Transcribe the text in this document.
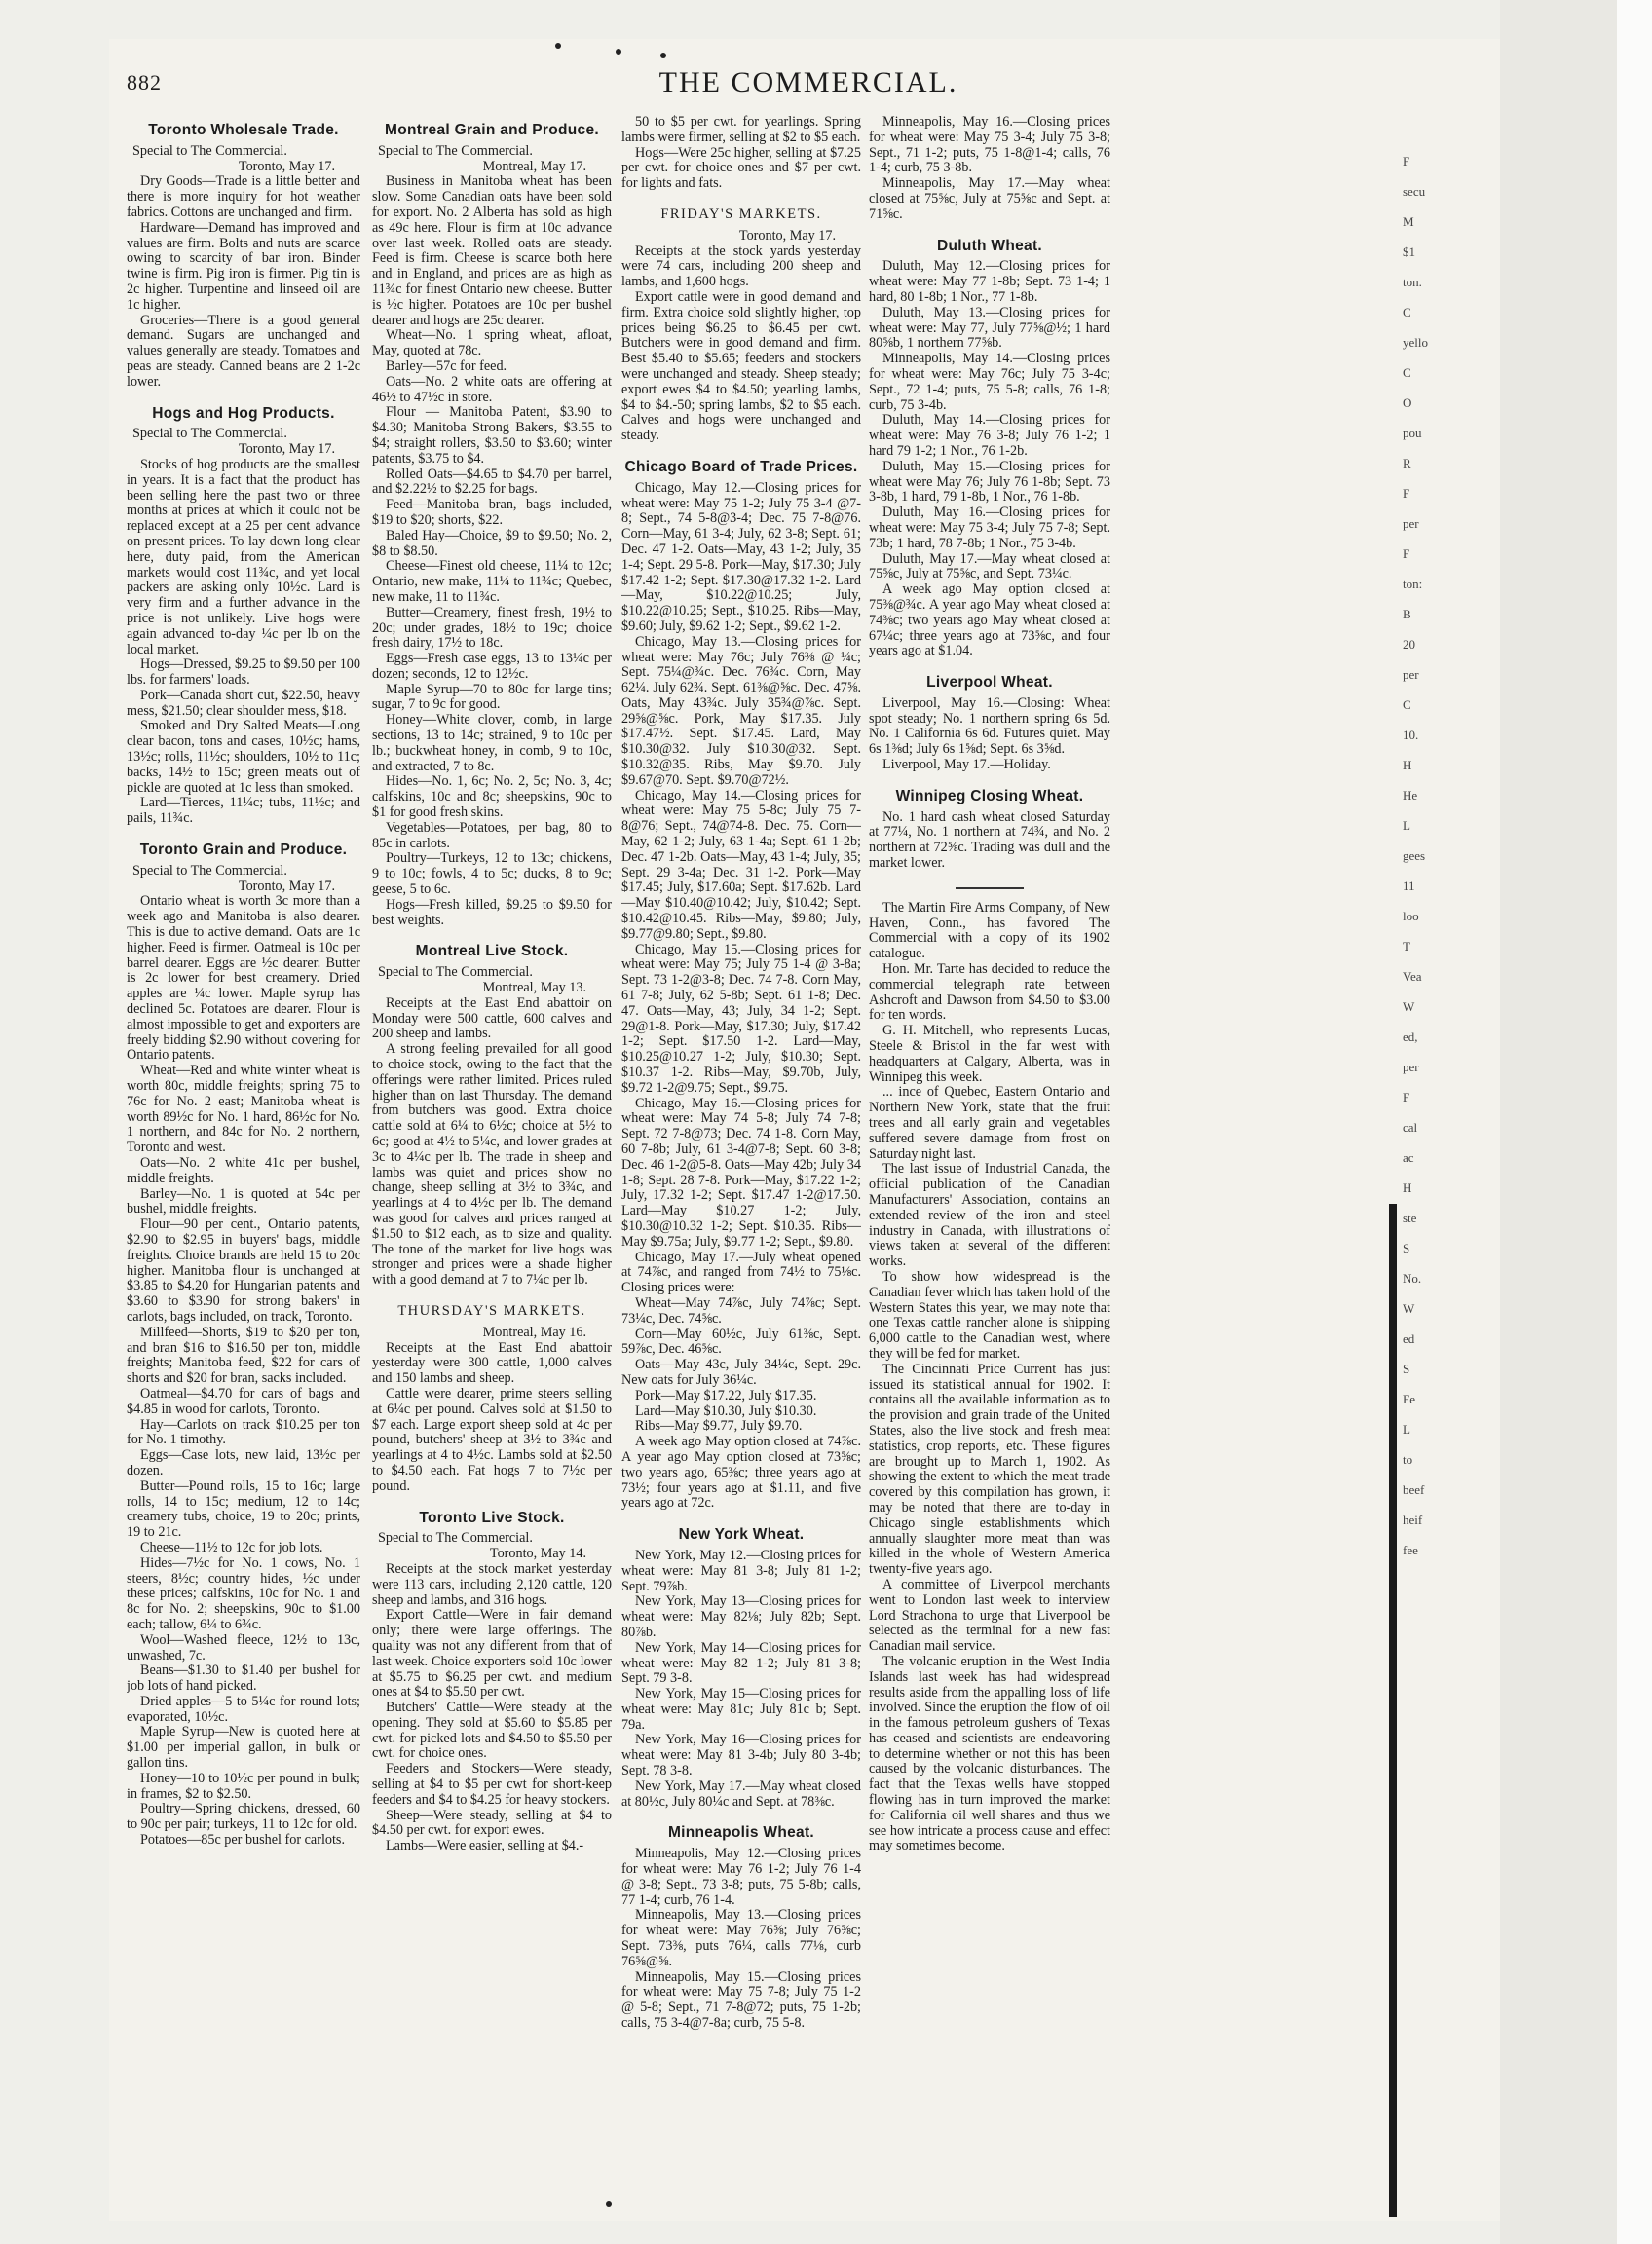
882	THE COMMERCIAL.
Toronto Wholesale Trade.

Special to The Commercial.

Toronto, May 17.

Dry Goods—Trade is a little better and there is more inquiry for hot weather fabrics. Cottons are unchanged and firm.

Hardware—Demand has improved and values are firm. Bolts and nuts are scarce owing to scarcity of bar iron. Binder twine is firm. Pig iron is firmer. Pig tin is 2c higher. Turpentine and linseed oil are 1c higher.

Groceries—There is a good general demand. Sugars are unchanged and values generally are steady. Tomatoes and peas are steady. Canned beans are 2 1-2c lower.

Hogs and Hog Products.

Special to The Commercial.

Toronto, May 17.

Stocks of hog products are the smallest in years. It is a fact that the product has been selling here the past two or three months at prices at which it could not be replaced except at a 25 per cent advance on present prices. To lay down long clear here, duty paid, from the American markets would cost 11¾c, and yet local packers are asking only 10½c. Lard is very firm and a further advance in the price is not unlikely. Live hogs were again advanced to-day ¼c per lb on the local market.

Hogs—Dressed, $9.25 to $9.50 per 100 lbs. for farmers' loads.

Pork—Canada short cut, $22.50, heavy mess, $21.50; clear shoulder mess, $18.

Smoked and Dry Salted Meats—Long clear bacon, tons and cases, 10½c; hams, 13½c; rolls, 11½c; shoulders, 10½ to 11c; backs, 14½ to 15c; green meats out of pickle are quoted at 1c less than smoked.

Lard—Tierces, 11¼c; tubs, 11½c; and pails, 11¾c.

Toronto Grain and Produce.

Special to The Commercial.

Toronto, May 17.

Ontario wheat is worth 3c more than a week ago and Manitoba is also dearer. This is due to active demand. Oats are 1c higher. Feed is firmer. Oatmeal is 10c per barrel dearer. Eggs are ½c dearer. Butter is 2c lower for best creamery. Dried apples are ¼c lower. Maple syrup has declined 5c. Potatoes are dearer. Flour is almost impossible to get and exporters are freely bidding $2.90 without covering for Ontario patents.

Wheat—Red and white winter wheat is worth 80c, middle freights; spring 75 to 76c for No. 2 east; Manitoba wheat is worth 89½c for No. 1 hard, 86½c for No. 1 northern, and 84c for No. 2 northern, Toronto and west.

Oats—No. 2 white 41c per bushel, middle freights.

Barley—No. 1 is quoted at 54c per bushel, middle freights.

Flour—90 per cent., Ontario patents, $2.90 to $2.95 in buyers' bags, middle freights. Choice brands are held 15 to 20c higher. Manitoba flour is unchanged at $3.85 to $4.20 for Hungarian patents and $3.60 to $3.90 for strong bakers' in carlots, bags included, on track, Toronto.

Millfeed—Shorts, $19 to $20 per ton, and bran $16 to $16.50 per ton, middle freights; Manitoba feed, $22 for cars of shorts and $20 for bran, sacks included.

Oatmeal—$4.70 for cars of bags and $4.85 in wood for carlots, Toronto.

Hay—Carlots on track $10.25 per ton for No. 1 timothy.

Eggs—Case lots, new laid, 13½c per dozen.

Butter—Pound rolls, 15 to 16c; large rolls, 14 to 15c; medium, 12 to 14c; creamery tubs, choice, 19 to 20c; prints, 19 to 21c.

Cheese—11½ to 12c for job lots.

Hides—7½c for No. 1 cows, No. 1 steers, 8½c; country hides, ½c under these prices; calfskins, 10c for No. 1 and 8c for No. 2; sheepskins, 90c to $1.00 each; tallow, 6¼ to 6¾c.

Wool—Washed fleece, 12½ to 13c, unwashed, 7c.

Beans—$1.30 to $1.40 per bushel for job lots of hand picked.

Dried apples—5 to 5¼c for round lots; evaporated, 10½c.

Maple Syrup—New is quoted here at $1.00 per imperial gallon, in bulk or gallon tins.

Honey—10 to 10½c per pound in bulk; in frames, $2 to $2.50.

Poultry—Spring chickens, dressed, 60 to 90c per pair; turkeys, 11 to 12c for old.

Potatoes—85c per bushel for carlots.

Montreal Grain and Produce.

Special to The Commercial.

Montreal, May 17.

Business in Manitoba wheat has been slow. Some Canadian oats have been sold for export. No. 2 Alberta has sold as high as 49c here. Flour is firm at 10c advance over last week. Rolled oats are steady. Feed is firm. Cheese is scarce both here and in England, and prices are as high as 11¾c for finest Ontario new cheese. Butter is ½c higher. Potatoes are 10c per bushel dearer and hogs are 25c dearer.

Wheat—No. 1 spring wheat, afloat, May, quoted at 78c.

Barley—57c for feed.

Oats—No. 2 white oats are offering at 46½ to 47½c in store.

Flour — Manitoba Patent, $3.90 to $4.30; Manitoba Strong Bakers, $3.55 to $4; straight rollers, $3.50 to $3.60; winter patents, $3.75 to $4.

Rolled Oats—$4.65 to $4.70 per barrel, and $2.22½ to $2.25 for bags.

Feed—Manitoba bran, bags included, $19 to $20; shorts, $22.

Baled Hay—Choice, $9 to $9.50; No. 2, $8 to $8.50.

Cheese—Finest old cheese, 11¼ to 12c; Ontario, new make, 11¼ to 11¾c; Quebec, new make, 11 to 11¾c.

Butter—Creamery, finest fresh, 19½ to 20c; under grades, 18½ to 19c; choice fresh dairy, 17½ to 18c.

Eggs—Fresh case eggs, 13 to 13¼c per dozen; seconds, 12 to 12½c.

Maple Syrup—70 to 80c for large tins; sugar, 7 to 9c for good.

Honey—White clover, comb, in large sections, 13 to 14c; strained, 9 to 10c per lb.; buckwheat honey, in comb, 9 to 10c, and extracted, 7 to 8c.

Hides—No. 1, 6c; No. 2, 5c; No. 3, 4c; calfskins, 10c and 8c; sheepskins, 90c to $1 for good fresh skins.

Vegetables—Potatoes, per bag, 80 to 85c in carlots.

Poultry—Turkeys, 12 to 13c; chickens, 9 to 10c; fowls, 4 to 5c; ducks, 8 to 9c; geese, 5 to 6c.

Hogs—Fresh killed, $9.25 to $9.50 for best weights.

Montreal Live Stock.

Special to The Commercial.

Montreal, May 13.

Receipts at the East End abattoir on Monday were 500 cattle, 600 calves and 200 sheep and lambs.

A strong feeling prevailed for all good to choice stock, owing to the fact that the offerings were rather limited. Prices ruled higher than on last Thursday. The demand from butchers was good. Extra choice cattle sold at 6¼ to 6½c; choice at 5½ to 6c; good at 4½ to 5¼c, and lower grades at 3c to 4¼c per lb. The trade in sheep and lambs was quiet and prices show no change, sheep selling at 3½ to 3¾c, and yearlings at 4 to 4½c per lb. The demand was good for calves and prices ranged at $1.50 to $12 each, as to size and quality. The tone of the market for live hogs was stronger and prices were a shade higher with a good demand at 7 to 7¼c per lb.

THURSDAY'S MARKETS.

Montreal, May 16.

Receipts at the East End abattoir yesterday were 300 cattle, 1,000 calves and 150 lambs and sheep.

Cattle were dearer, prime steers selling at 6¼c per pound. Calves sold at $1.50 to $7 each. Large export sheep sold at 4c per pound, butchers' sheep at 3½ to 3¾c and yearlings at 4 to 4½c. Lambs sold at $2.50 to $4.50 each. Fat hogs 7 to 7½c per pound.

Toronto Live Stock.

Special to The Commercial.

Toronto, May 14.

Receipts at the stock market yesterday were 113 cars, including 2,120 cattle, 120 sheep and lambs, and 316 hogs.

Export Cattle—Were in fair demand only; there were large offerings. The quality was not any different from that of last week. Choice exporters sold 10c lower at $5.75 to $6.25 per cwt. and medium ones at $4 to $5.50 per cwt.

Butchers' Cattle—Were steady at the opening. They sold at $5.60 to $5.85 per cwt. for picked lots and $4.50 to $5.50 per cwt. for choice ones.

Feeders and Stockers—Were steady, selling at $4 to $5 per cwt for short-keep feeders and $4 to $4.25 for heavy stockers.

Sheep—Were steady, selling at $4 to $4.50 per cwt. for export ewes.

Lambs—Were easier, selling at $4.-

50 to $5 per cwt. for yearlings. Spring lambs were firmer, selling at $2 to $5 each.

Hogs—Were 25c higher, selling at $7.25 per cwt. for choice ones and $7 per cwt. for lights and fats.

FRIDAY'S MARKETS.

Toronto, May 17.

Receipts at the stock yards yesterday were 74 cars, including 200 sheep and lambs, and 1,600 hogs.

Export cattle were in good demand and firm. Extra choice sold slightly higher, top prices being $6.25 to $6.45 per cwt. Butchers were in good demand and firm. Best $5.40 to $5.65; feeders and stockers were unchanged and steady. Sheep steady; export ewes $4 to $4.50; yearling lambs, $4 to $4.-50; spring lambs, $2 to $5 each. Calves and hogs were unchanged and steady.

Chicago Board of Trade Prices.

Chicago, May 12.—Closing prices for wheat were: May 75 1-2; July 75 3-4 @7-8; Sept., 74 5-8@3-4; Dec. 75 7-8@76. Corn—May, 61 3-4; July, 62 3-8; Sept. 61; Dec. 47 1-2. Oats—May, 43 1-2; July, 35 1-4; Sept. 29 5-8. Pork—May, $17.30; July $17.42 1-2; Sept. $17.30@17.32 1-2. Lard—May, $10.22@10.25; July, $10.22@10.25; Sept., $10.25. Ribs—May, $9.60; July, $9.62 1-2; Sept., $9.62 1-2.

Chicago, May 13.—Closing prices for wheat were: May 76c; July 76⅜ @ ¼c; Sept. 75¼@¾c. Dec. 76¾c. Corn, May 62¼. July 62¾. Sept. 61⅜@⅝c. Dec. 47⅝. Oats, May 43¾c. July 35¾@⅞c. Sept. 29⅝@⅝c. Pork, May $17.35. July $17.47½. Sept. $17.45. Lard, May $10.30@32. July $10.30@32. Sept. $10.32@35. Ribs, May $9.70. July $9.67@70. Sept. $9.70@72½.

Chicago, May 14.—Closing prices for wheat were: May 75 5-8c; July 75 7-8@76; Sept., 74@74-8. Dec. 75. Corn—May, 62 1-2; July, 63 1-4a; Sept. 61 1-2b; Dec. 47 1-2b. Oats—May, 43 1-4; July, 35; Sept. 29 3-4a; Dec. 31 1-2. Pork—May $17.45; July, $17.60a; Sept. $17.62b. Lard—May $10.40@10.42; July, $10.42; Sept. $10.42@10.45. Ribs—May, $9.80; July, $9.77@9.80; Sept., $9.80.

Chicago, May 15.—Closing prices for wheat were: May 75; July 75 1-4 @ 3-8a; Sept. 73 1-2@3-8; Dec. 74 7-8. Corn May, 61 7-8; July, 62 5-8b; Sept. 61 1-8; Dec. 47. Oats—May, 43; July, 34 1-2; Sept. 29@1-8. Pork—May, $17.30; July, $17.42 1-2; Sept. $17.50 1-2. Lard—May, $10.25@10.27 1-2; July, $10.30; Sept. $10.37 1-2. Ribs—May, $9.70b, July, $9.72 1-2@9.75; Sept., $9.75.

Chicago, May 16.—Closing prices for wheat were: May 74 5-8; July 74 7-8; Sept. 72 7-8@73; Dec. 74 1-8. Corn May, 60 7-8b; July, 61 3-4@7-8; Sept. 60 3-8; Dec. 46 1-2@5-8. Oats—May 42b; July 34 1-8; Sept. 28 7-8. Pork—May, $17.22 1-2; July, 17.32 1-2; Sept. $17.47 1-2@17.50. Lard—May $10.27 1-2; July, $10.30@10.32 1-2; Sept. $10.35. Ribs—May $9.75a; July, $9.77 1-2; Sept., $9.80.

Chicago, May 17.—July wheat opened at 74⅞c, and ranged from 74½ to 75⅛c. Closing prices were:

Wheat—May 74⅞c, July 74⅞c; Sept. 73¼c, Dec. 74⅝c.

Corn—May 60½c, July 61⅜c, Sept. 59⅞c, Dec. 46⅝c.

Oats—May 43c, July 34¼c, Sept. 29c. New oats for July 36¼c.

Pork—May $17.22, July $17.35.

Lard—May $10.30, July $10.30.

Ribs—May $9.77, July $9.70.

A week ago May option closed at 74⅞c. A year ago May option closed at 73⅝c; two years ago, 65⅜c; three years ago at 73½; four years ago at $1.11, and five years ago at 72c.

New York Wheat.

New York, May 12.—Closing prices for wheat were: May 81 3-8; July 81 1-2; Sept. 79⅞b.

New York, May 13—Closing prices for wheat were: May 82⅛; July 82b; Sept. 80⅞b.

New York, May 14—Closing prices for wheat were: May 82 1-2; July 81 3-8; Sept. 79 3-8.

New York, May 15—Closing prices for wheat were: May 81c; July 81c b; Sept. 79a.

New York, May 16—Closing prices for wheat were: May 81 3-4b; July 80 3-4b; Sept. 78 3-8.

New York, May 17.—May wheat closed at 80½c, July 80¼c and Sept. at 78⅜c.

Minneapolis Wheat.

Minneapolis, May 12.—Closing prices for wheat were: May 76 1-2; July 76 1-4 @ 3-8; Sept., 73 3-8; puts, 75 5-8b; calls, 77 1-4; curb, 76 1-4.

Minneapolis, May 13.—Closing prices for wheat were: May 76⅝; July 76⅝c; Sept. 73⅜, puts 76¼, calls 77⅛, curb 76⅝@⅝.

Minneapolis, May 15.—Closing prices for wheat were: May 75 7-8; July 75 1-2 @ 5-8; Sept., 71 7-8@72; puts, 75 1-2b; calls, 75 3-4@7-8a; curb, 75 5-8.

Minneapolis, May 16.—Closing prices for wheat were: May 75 3-4; July 75 3-8; Sept., 71 1-2; puts, 75 1-8@1-4; calls, 76 1-4; curb, 75 3-8b.

Minneapolis, May 17.—May wheat closed at 75⅝c, July at 75⅝c and Sept. at 71⅝c.

Duluth Wheat.

Duluth, May 12.—Closing prices for wheat were: May 77 1-8b; Sept. 73 1-4; 1 hard, 80 1-8b; 1 Nor., 77 1-8b.

Duluth, May 13.—Closing prices for wheat were: May 77, July 77⅝@½; 1 hard 80⅝b, 1 northern 77⅝b.

Minneapolis, May 14.—Closing prices for wheat were: May 76c; July 75 3-4c; Sept., 72 1-4; puts, 75 5-8; calls, 76 1-8; curb, 75 3-4b.

Duluth, May 14.—Closing prices for wheat were: May 76 3-8; July 76 1-2; 1 hard 79 1-2; 1 Nor., 76 1-2b.

Duluth, May 15.—Closing prices for wheat were May 76; July 76 1-8b; Sept. 73 3-8b, 1 hard, 79 1-8b, 1 Nor., 76 1-8b.

Duluth, May 16.—Closing prices for wheat were: May 75 3-4; July 75 7-8; Sept. 73b; 1 hard, 78 7-8b; 1 Nor., 75 3-4b.

Duluth, May 17.—May wheat closed at 75⅝c, July at 75⅝c, and Sept. 73¼c.

A week ago May option closed at 75⅜@¾c. A year ago May wheat closed at 74⅜c; two years ago May wheat closed at 67¼c; three years ago at 73⅝c, and four years ago at $1.04.

Liverpool Wheat.

Liverpool, May 16.—Closing: Wheat spot steady; No. 1 northern spring 6s 5d. No. 1 California 6s 6d. Futures quiet. May 6s 1⅜d; July 6s 1⅝d; Sept. 6s 3⅝d.

Liverpool, May 17.—Holiday.

Winnipeg Closing Wheat.

No. 1 hard cash wheat closed Saturday at 77¼, No. 1 northern at 74¾, and No. 2 northern at 72⅝c. Trading was dull and the market lower.

The Martin Fire Arms Company, of New Haven, Conn., has favored The Commercial with a copy of its 1902 catalogue.

Hon. Mr. Tarte has decided to reduce the commercial telegraph rate between Ashcroft and Dawson from $4.50 to $3.00 for ten words.

G. H. Mitchell, who represents Lucas, Steele & Bristol in the far west with headquarters at Calgary, Alberta, was in Winnipeg this week.

... ince of Quebec, Eastern Ontario and Northern New York, state that the fruit trees and all early grain and vegetables suffered severe damage from frost on Saturday night last.

The last issue of Industrial Canada, the official publication of the Canadian Manufacturers' Association, contains an extended review of the iron and steel industry in Canada, with illustrations of views taken at several of the different works.

To show how widespread is the Canadian fever which has taken hold of the Western States this year, we may note that one Texas cattle rancher alone is shipping 6,000 cattle to the Canadian west, where they will be fed for market.

The Cincinnati Price Current has just issued its statistical annual for 1902. It contains all the available information as to the provision and grain trade of the United States, also the live stock and fresh meat statistics, crop reports, etc. These figures are brought up to March 1, 1902. As showing the extent to which the meat trade covered by this compilation has grown, it may be noted that there are to-day in Chicago single establishments which annually slaughter more meat than was killed in the whole of Western America twenty-five years ago.

A committee of Liverpool merchants went to London last week to interview Lord Strachona to urge that Liverpool be selected as the terminal for a new fast Canadian mail service.

The volcanic eruption in the West India Islands last week has had widespread results aside from the appalling loss of life involved. Since the eruption the flow of oil in the famous petroleum gushers of Texas has ceased and scientists are endeavoring to determine whether or not this has been caused by the volcanic disturbances. The fact that the Texas wells have stopped flowing has in turn improved the market for California oil well shares and thus we see how intricate a process cause and effect may sometimes become.

F
secu
M
$1
ton.
C
yello
C
O
pou
R
F
per
F
ton:
B
20
per
C
10.
H
He
L
gees
11
loo
T
Vea
W
ed,
per
F
cal
ac
H
ste
S
No.
W
ed
S
Fe
L
to
beef
heif
fee
